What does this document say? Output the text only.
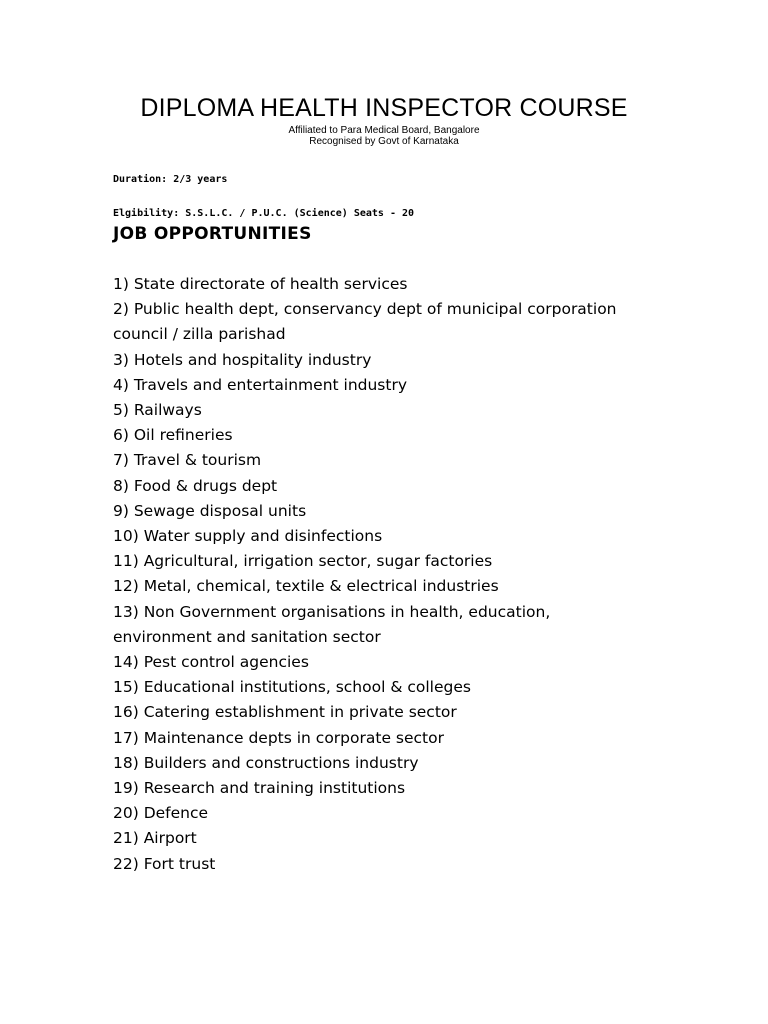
DIPLOMA HEALTH INSPECTOR COURSE
Affiliated to Para Medical Board, Bangalore
Recognised by Govt of Karnataka
Duration: 2/3 years
Elgibility: S.S.L.C. / P.U.C. (Science) Seats - 20
JOB OPPORTUNITIES
1) State directorate of health services
2) Public health dept, conservancy dept of municipal corporation
council / zilla parishad
3) Hotels and hospitality industry
4) Travels and entertainment industry
5) Railways
6) Oil refineries
7) Travel & tourism
8) Food & drugs dept
9) Sewage disposal units
10) Water supply and disinfections
11) Agricultural, irrigation sector, sugar factories
12) Metal, chemical, textile & electrical industries
13) Non Government organisations in health, education,
environment and sanitation sector
14) Pest control agencies
15) Educational institutions, school & colleges
16) Catering establishment in private sector
17) Maintenance depts in corporate sector
18) Builders and constructions industry
19) Research and training institutions
20) Defence
21) Airport
22) Fort trust
